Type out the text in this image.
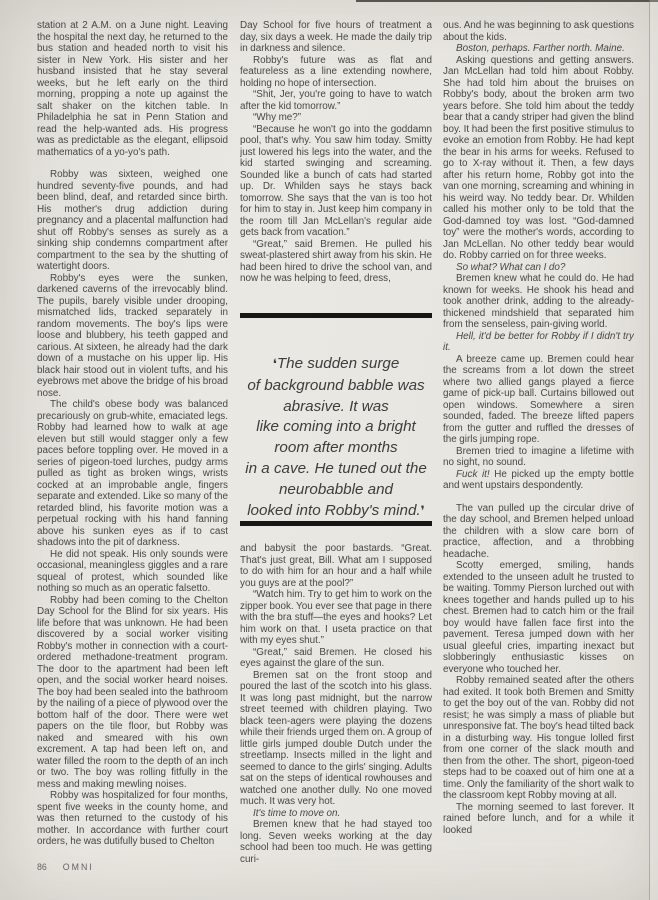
station at 2 A.M. on a June night. Leaving the hospital the next day, he returned to the bus station and headed north to visit his sister in New York. His sister and her husband insisted that he stay several weeks, but he left early on the third morning, propping a note up against the salt shaker on the kitchen table. In Philadelphia he sat in Penn Station and read the help-wanted ads. His progress was as predictable as the elegant, ellipsoid mathematics of a yo-yo's path.

Robby was sixteen, weighed one hundred seventy-five pounds, and had been blind, deaf, and retarded since birth. His mother's drug addiction during pregnancy and a placental malfunction had shut off Robby's senses as surely as a sinking ship condemns compartment after compartment to the sea by the shutting of watertight doors.

Robby's eyes were the sunken, darkened caverns of the irrevocably blind. The pupils, barely visible under drooping, mismatched lids, tracked separately in random movements. The boy's lips were loose and blubbery, his teeth gapped and carious. At sixteen, he already had the dark down of a mustache on his upper lip. His black hair stood out in violent tufts, and his eyebrows met above the bridge of his broad nose.

The child's obese body was balanced precariously on grub-white, emaciated legs. Robby had learned how to walk at age eleven but still would stagger only a few paces before toppling over. He moved in a series of pigeon-toed lurches, pudgy arms pulled as tight as broken wings, wrists cocked at an improbable angle, fingers separate and extended. Like so many of the retarded blind, his favorite motion was a perpetual rocking with his hand fanning above his sunken eyes as if to cast shadows into the pit of darkness.

He did not speak. His only sounds were occasional, meaningless giggles and a rare squeal of protest, which sounded like nothing so much as an operatic falsetto.

Robby had been coming to the Chelton Day School for the Blind for six years. His life before that was unknown. He had been discovered by a social worker visiting Robby's mother in connection with a court-ordered methadone-treatment program. The door to the apartment had been left open, and the social worker heard noises. The boy had been sealed into the bathroom by the nailing of a piece of plywood over the bottom half of the door. There were wet papers on the tile floor, but Robby was naked and smeared with his own excrement. A tap had been left on, and water filled the room to the depth of an inch or two. The boy was rolling fitfully in the mess and making mewling noises.

Robby was hospitalized for four months, spent five weeks in the county home, and was then returned to the custody of his mother. In accordance with further court orders, he was dutifully bused to Chelton

Day School for five hours of treatment a day, six days a week. He made the daily trip in darkness and silence.

Robby's future was as flat and featureless as a line extending nowhere, holding no hope of intersection.

“Shit, Jer, you're going to have to watch after the kid tomorrow.”

“Why me?”

“Because he won't go into the goddamn pool, that's why. You saw him today. Smitty just lowered his legs into the water, and the kid started swinging and screaming. Sounded like a bunch of cats had started up. Dr. Whilden says he stays back tomorrow. She says that the van is too hot for him to stay in. Just keep him company in the room till Jan McLellan's regular aide gets back from vacation.”

“Great,” said Bremen. He pulled his sweat-plastered shirt away from his skin. He had been hired to drive the school van, and now he was helping to feed, dress,

❛The sudden surge
of background babble was
abrasive. It was
like coming into a bright
room after months
in a cave. He tuned out the
neurobabble and
looked into Robby's mind.❜

and babysit the poor bastards. “Great. That's just great, Bill. What am I supposed to do with him for an hour and a half while you guys are at the pool?”

“Watch him. Try to get him to work on the zipper book. You ever see that page in there with the bra stuff—the eyes and hooks? Let him work on that. I useta practice on that with my eyes shut.”

“Great,” said Bremen. He closed his eyes against the glare of the sun.

Bremen sat on the front stoop and poured the last of the scotch into his glass. It was long past midnight, but the narrow street teemed with children playing. Two black teen-agers were playing the dozens while their friends urged them on. A group of little girls jumped double Dutch under the streetlamp. Insects milled in the light and seemed to dance to the girls' singing. Adults sat on the steps of identical rowhouses and watched one another dully. No one moved much. It was very hot.

It's time to move on.

Bremen knew that he had stayed too long. Seven weeks working at the day school had been too much. He was getting curi-

ous. And he was beginning to ask questions about the kids.

Boston, perhaps. Farther north. Maine.

Asking questions and getting answers. Jan McLellan had told him about Robby. She had told him about the bruises on Robby's body, about the broken arm two years before. She told him about the teddy bear that a candy striper had given the blind boy. It had been the first positive stimulus to evoke an emotion from Robby. He had kept the bear in his arms for weeks. Refused to go to X-ray without it. Then, a few days after his return home, Robby got into the van one morning, screaming and whining in his weird way. No teddy bear. Dr. Whilden called his mother only to be told that the God-damned toy was lost. “God-damned toy” were the mother's words, according to Jan McLellan. No other teddy bear would do. Robby carried on for three weeks.

So what? What can I do?

Bremen knew what he could do. He had known for weeks. He shook his head and took another drink, adding to the already-thickened mindshield that separated him from the senseless, pain-giving world.

Hell, it'd be better for Robby if I didn't try it.

A breeze came up. Bremen could hear the screams from a lot down the street where two allied gangs played a fierce game of pick-up ball. Curtains billowed out open windows. Somewhere a siren sounded, faded. The breeze lifted papers from the gutter and ruffled the dresses of the girls jumping rope.

Bremen tried to imagine a lifetime with no sight, no sound.

Fuck it! He picked up the empty bottle and went upstairs despondently.

The van pulled up the circular drive of the day school, and Bremen helped unload the children with a slow care born of practice, affection, and a throbbing headache.

Scotty emerged, smiling, hands extended to the unseen adult he trusted to be waiting. Tommy Pierson lurched out with knees together and hands pulled up to his chest. Bremen had to catch him or the frail boy would have fallen face first into the pavement. Teresa jumped down with her usual gleeful cries, imparting inexact but slobberingly enthusiastic kisses on everyone who touched her.

Robby remained seated after the others had exited. It took both Bremen and Smitty to get the boy out of the van. Robby did not resist; he was simply a mass of pliable but unresponsive fat. The boy's head tilted back in a disturbing way. His tongue lolled first from one corner of the slack mouth and then from the other. The short, pigeon-toed steps had to be coaxed out of him one at a time. Only the familiarity of the short walk to the classroom kept Robby moving at all.

The morning seemed to last forever. It rained before lunch, and for a while it looked

86 OMNI
